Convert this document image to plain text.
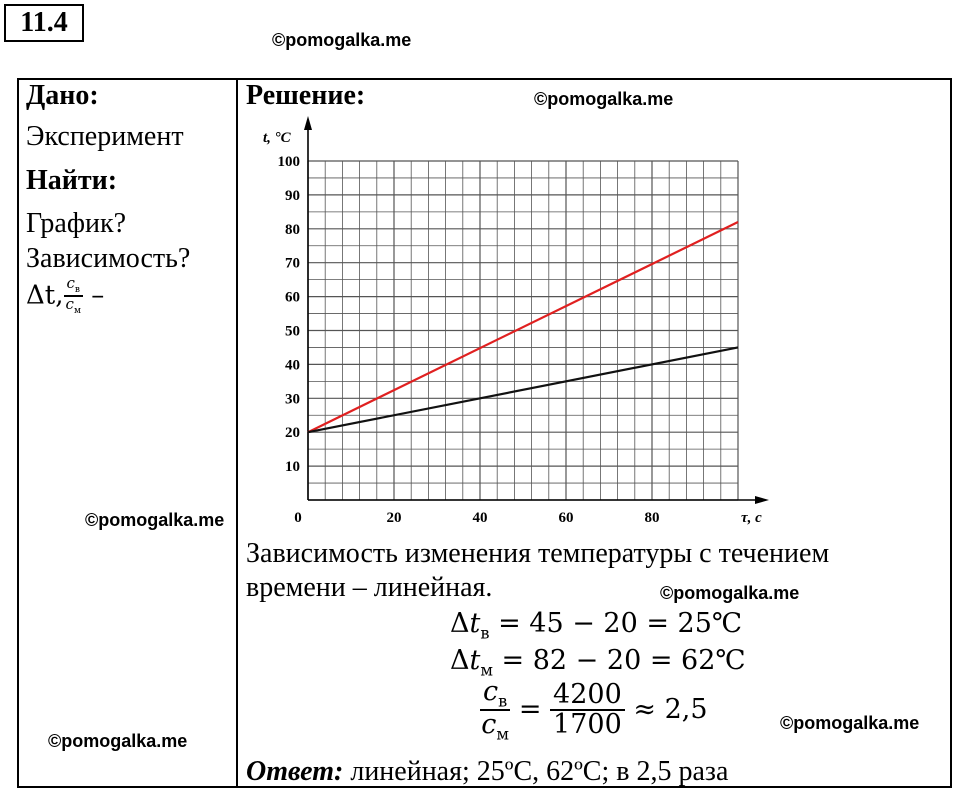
11.4
©pomogalka.me
©pomogalka.me
©pomogalka.me
©pomogalka.me
©pomogalka.me
©pomogalka.me
Дано:
Эксперимент
Найти:
График?
Зависимость?
Δt, $\frac{c_в}{c_м}$ –
Решение:
10
20
30
40
50
60
70
80
90
100
0	20	40	60	80
t, °C
τ, с
Зависимость изменения температуры с течением
времени – линейная.
$\Delta t_в = 45 - 20$ = 25℃
$\Delta t_м = 82 - 20$ = 62℃
$\frac{c_в}{c_м} = \frac{4200}{1700} \approx 2,5$
Ответ: линейная; 25ºС, 62ºС; в 2,5 раза
